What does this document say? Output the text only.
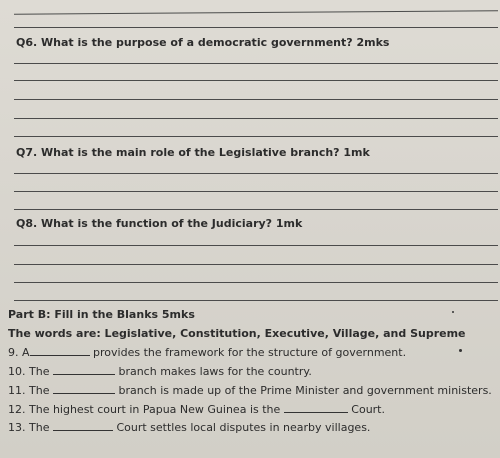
Q6. What is the purpose of a democratic government? 2mks
Q7. What is the main role of the Legislative branch? 1mk
Q8. What is the function of the Judiciary? 1mk
Part B: Fill in the Blanks 5mks
The words are: Legislative, Constitution, Executive, Village, and Supreme
9. A	provides the framework for the structure of government.
10. The	branch makes laws for the country.
11. The	branch is made up of the Prime Minister and government ministers.
12. The highest court in Papua New Guinea is the	Court.
13. The	Court settles local disputes in nearby villages.
